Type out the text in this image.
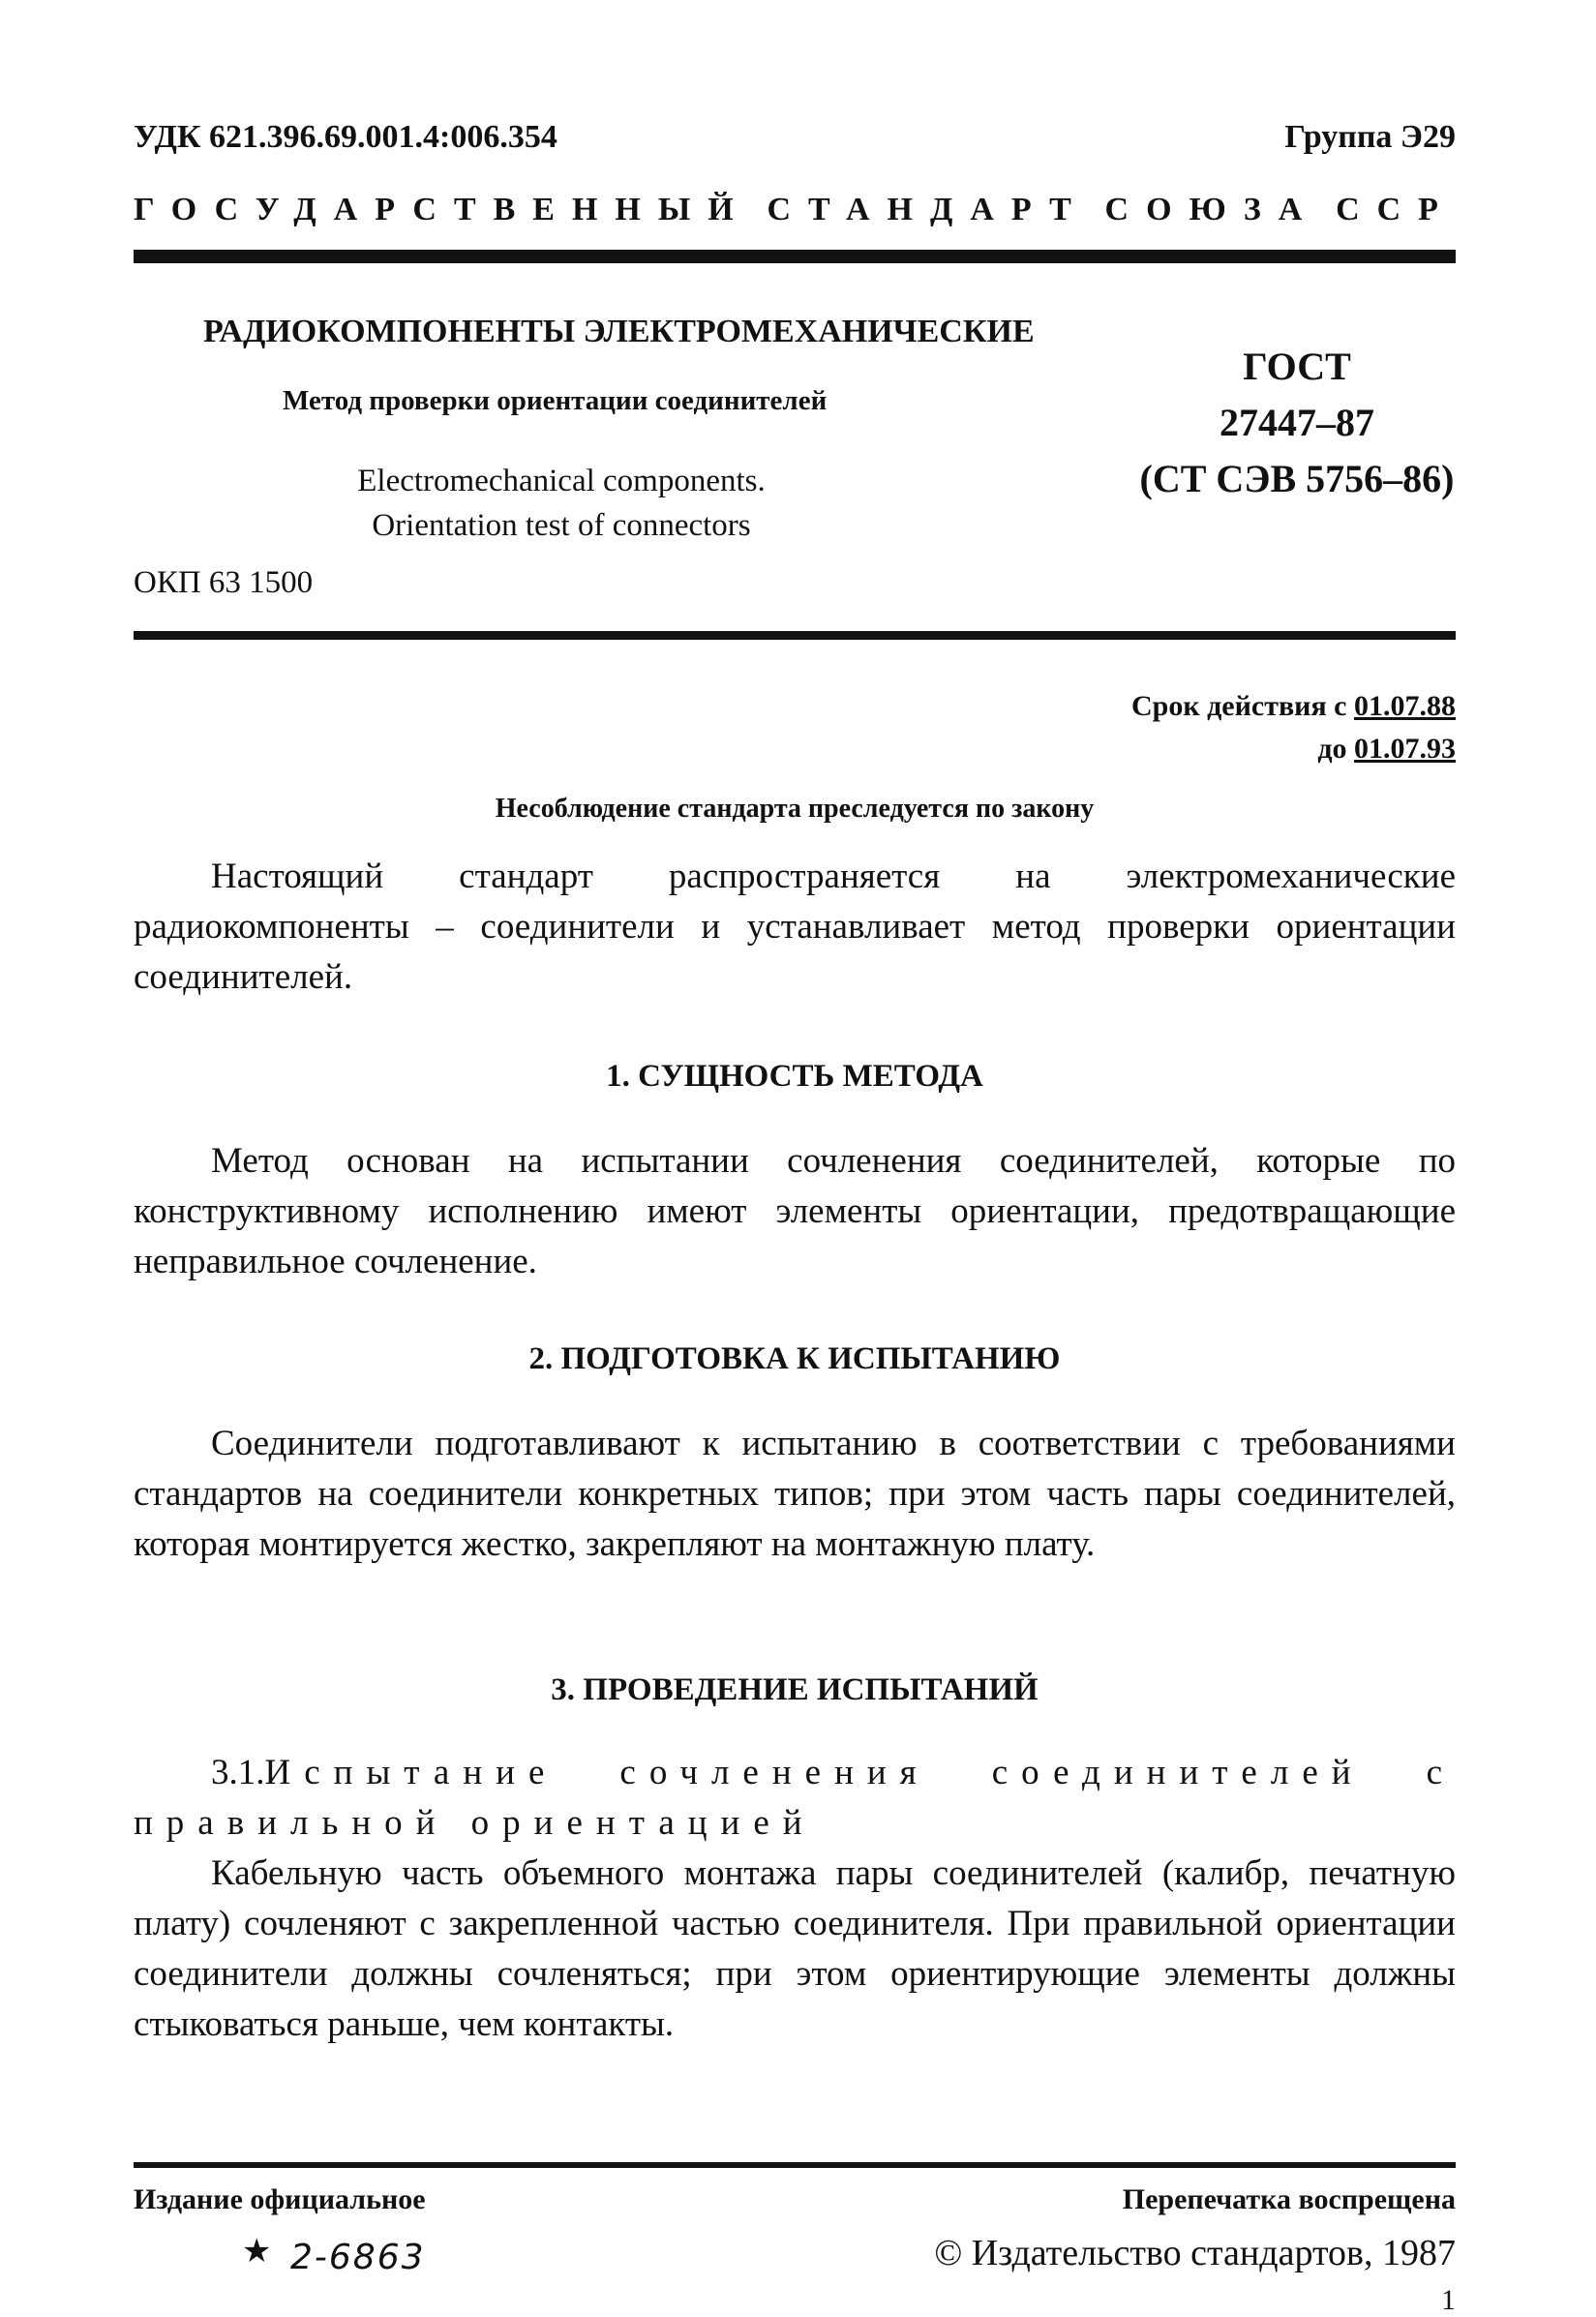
УДК 621.396.69.001.4:006.354	Группа Э29
ГОСУДАРСТВЕННЫЙ СТАНДАРТ СОЮЗА ССР
РАДИОКОМПОНЕНТЫ ЭЛЕКТРОМЕХАНИЧЕСКИЕ
Метод проверки ориентации соединителей
Electromechanical components.
Orientation test of connectors
ГОСТ
27447–87
(СТ СЭВ 5756–86)
ОКП 63 1500
Срок действия с 01.07.88
до 01.07.93
Несоблюдение стандарта преследуется по закону

Настоящий стандарт распространяется на электромеханические радиокомпоненты – соединители и устанавливает метод проверки ориентации соединителей.

1. СУЩНОСТЬ МЕТОДА

Метод основан на испытании сочленения соединителей, которые по конструктивному исполнению имеют элементы ориентации, предотвращающие неправильное сочленение.

2. ПОДГОТОВКА К ИСПЫТАНИЮ

Соединители подготавливают к испытанию в соответствии с требованиями стандартов на соединители конкретных типов; при этом часть пары соединителей, которая монтируется жестко, закрепляют на монтажную плату.

3. ПРОВЕДЕНИЕ ИСПЫТАНИЙ

3.1.Испытание сочленения соединителей с правильной ориентацией

Кабельную часть объемного монтажа пары соединителей (калибр, печатную плату) сочленяют с закрепленной частью соединителя. При правильной ориентации соединители должны сочленяться; при этом ориентирующие элементы должны стыковаться раньше, чем контакты.

Издание официальное	Перепечатка воспрещена
★ 2-6863	© Издательство стандартов, 1987
1
